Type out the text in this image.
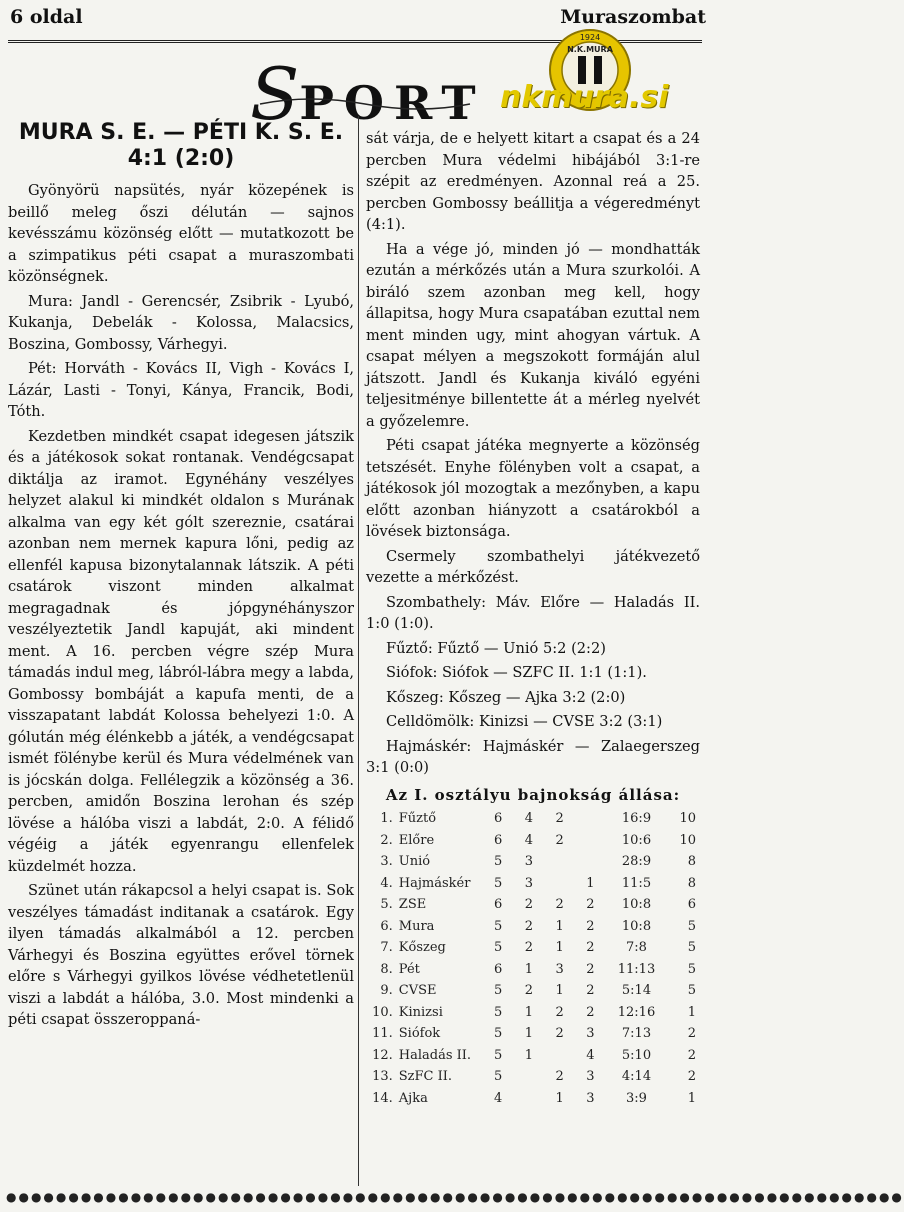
6 oldal	Muraszombat
SPORT
1924
N.K.MURA
nkmura.si
MURA S. E. — PÉTI K. S. E.
4:1 (2:0)

Gyönyörü napsütés, nyár közepének is beillő meleg őszi délután — sajnos kevésszámu közönség előtt — mutatkozott be a szimpatikus péti csapat a muraszombati közönségnek.

Mura: Jandl - Gerencsér, Zsibrik - Lyubó, Kukanja, Debelák - Kolossa, Malacsics, Boszina, Gombossy, Várhegyi.

Pét: Horváth - Kovács II, Vigh - Kovács I, Lázár, Lasti - Tonyi, Kánya, Francik, Bodi, Tóth.

Kezdetben mindkét csapat idegesen játszik és a játékosok sokat rontanak. Vendégcsapat diktálja az iramot. Egynéhány veszélyes helyzet alakul ki mindkét oldalon s Murának alkalma van egy két gólt szereznie, csatárai azonban nem mernek kapura lőni, pedig az ellenfél kapusa bizonytalannak látszik. A péti csatárok viszont minden alkalmat megragadnak és jópgynéhányszor veszélyeztetik Jandl kapuját, aki mindent ment. A 16. percben végre szép Mura támadás indul meg, lábról-lábra megy a labda, Gombossy bombáját a kapufa menti, de a visszapatant labdát Kolossa behelyezi 1:0. A gólután még élénkebb a játék, a vendégcsapat ismét fölénybe kerül és Mura védelmének van is jócskán dolga. Fellélegzik a közönség a 36. percben, amidőn Boszina lerohan és szép lövése a hálóba viszi a labdát, 2:0. A félidő végéig a játék egyenrangu ellenfelek küzdelmét hozza.

Szünet után rákapcsol a helyi csapat is. Sok veszélyes támadást inditanak a csatárok. Egy ilyen támadás alkalmából a 12. percben Várhegyi és Boszina együttes erővel törnek előre s Várhegyi gyilkos lövése védhetetlenül viszi a labdát a hálóba, 3.0. Most mindenki a péti csapat összeroppaná-

sát várja, de e helyett kitart a csapat és a 24 percben Mura védelmi hibájából 3:1-re szépit az eredményen. Azonnal reá a 25. percben Gombossy beállitja a végeredményt (4:1).

Ha a vége jó, minden jó — mondhatták ezután a mérkőzés után a Mura szurkolói. A biráló szem azonban meg kell, hogy állapitsa, hogy Mura csapatában ezuttal nem ment minden ugy, mint ahogyan vártuk. A csapat mélyen a megszokott formáján alul játszott. Jandl és Kukanja kiváló egyéni teljesitménye billentette át a mérleg nyelvét a győzelemre.

Péti csapat játéka megnyerte a közönség tetszését. Enyhe fölényben volt a csapat, a játékosok jól mozogtak a mezőnyben, a kapu előtt azonban hiányzott a csatárokból a lövések biztonsága.

Csermely szombathelyi játékvezető vezette a mérkőzést.

Szombathely: Máv. Előre — Haladás II. 1:0 (1:0).

Fűztő: Fűztő — Unió 5:2 (2:2)

Siófok: Siófok — SZFC II. 1:1 (1:1).

Kőszeg: Kőszeg — Ajka 3:2 (2:0)

Celldömölk: Kinizsi — CVSE 3:2 (3:1)

Hajmáskér: Hajmáskér — Zalaegerszeg 3:1 (0:0)

Az I. osztályu bajnokság állása:
1.	Fűztő	6	4	2		16:9	10
2.	Előre	6	4	2		10:6	10
3.	Unió	5	3			28:9	8
4.	Hajmáskér	5	3		1	11:5	8
5.	ZSE	6	2	2	2	10:8	6
6.	Mura	5	2	1	2	10:8	5
7.	Kőszeg	5	2	1	2	7:8	5
8.	Pét	6	1	3	2	11:13	5
9.	CVSE	5	2	1	2	5:14	5
10.	Kinizsi	5	1	2	2	12:16	1
11.	Siófok	5	1	2	3	7:13	2
12.	Haladás II.	5	1		4	5:10	2
13.	SzFC II.	5		2	3	4:14	2
14.	Ajka	4		1	3	3:9	1
●●●●●●●●●●●●●●●●●●●●●●●●●●●●●●●●●●●●●●●●●●●●●●●●●●●●●●●●●●●●●●●●●●●●●●●●
